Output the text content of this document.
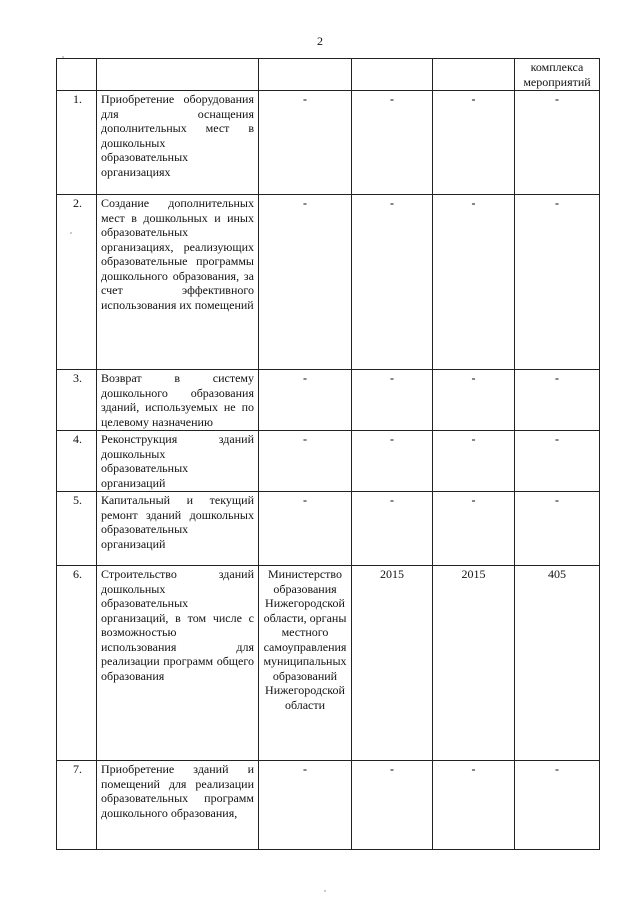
2
					комплекса мероприятий
1.	Приобретение оборудования для оснащения дополнительных мест в дошкольных образовательных организациях	-	-	-	-
2.	Создание дополнительных мест в дошкольных и иных образовательных организациях, реализующих образовательные программы дошкольного образования, за счет эффективного использования их помещений	-	-	-	-
3.	Возврат в систему дошкольного образования зданий, используемых не по целевому назначению	-	-	-	-
4.	Реконструкция зданий дошкольных образовательных организаций	-	-	-	-
5.	Капитальный и текущий ремонт зданий дошкольных образовательных организаций	-	-	-	-
6.	Строительство зданий дошкольных образовательных организаций, в том числе с возможностью использования для реализации программ общего образования	Министерство образования Нижегородской области, органы местного самоуправления муниципальных образований Нижегородской области	2015	2015	405
7.	Приобретение зданий и помещений для реализации образовательных программ дошкольного образования,	-	-	-	-
